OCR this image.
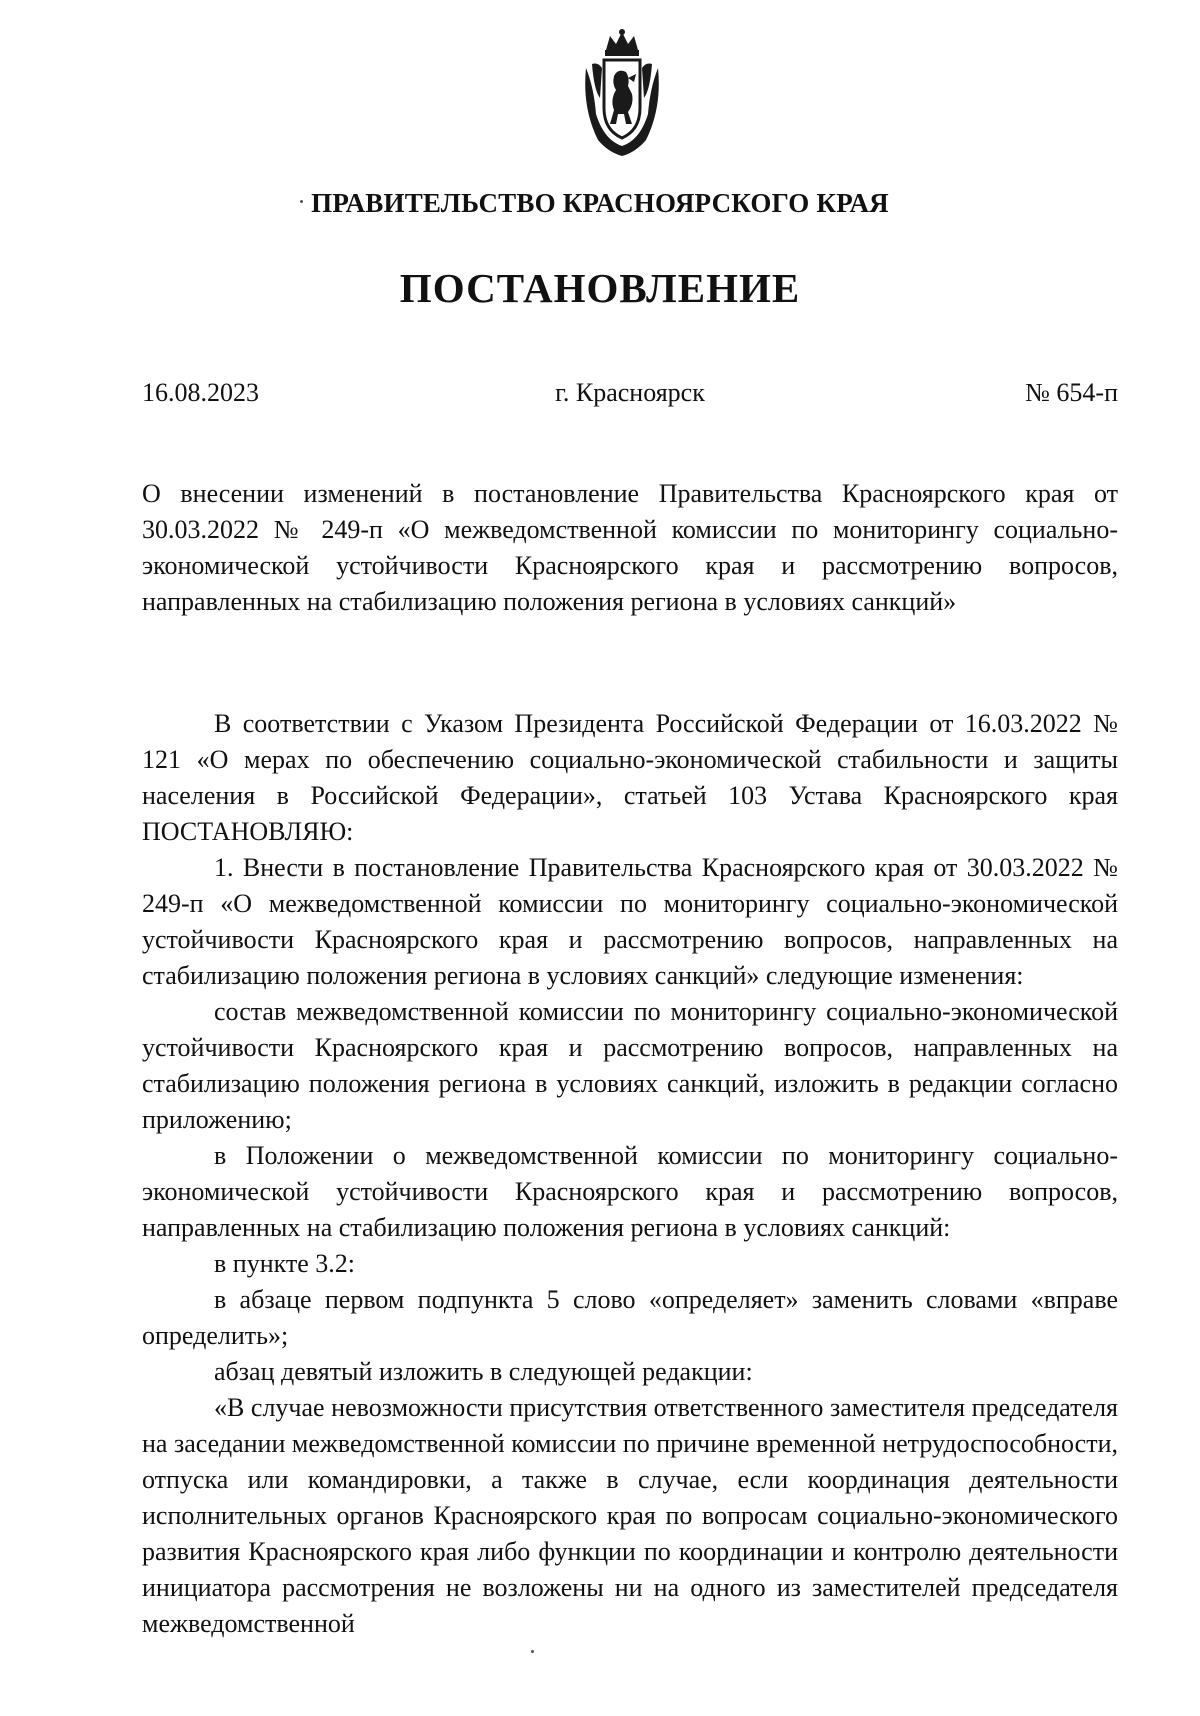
ПРАВИТЕЛЬСТВО КРАСНОЯРСКОГО КРАЯ
ПОСТАНОВЛЕНИЕ
16.08.2023	г. Красноярск	№ 654-п
О внесении изменений в постановление Правительства Красноярского края от 30.03.2022 № 249-п «О межведомственной комиссии по мониторингу социально-экономической устойчивости Красноярского края и рассмотрению вопросов, направленных на стабилизацию положения региона в условиях санкций»

В соответствии с Указом Президента Российской Федерации от 16.03.2022 № 121 «О мерах по обеспечению социально-экономической стабильности и защиты населения в Российской Федерации», статьей 103 Устава Красноярского края ПОСТАНОВЛЯЮ:

1. Внести в постановление Правительства Красноярского края от 30.03.2022 № 249-п «О межведомственной комиссии по мониторингу социально-экономической устойчивости Красноярского края и рассмотрению вопросов, направленных на стабилизацию положения региона в условиях санкций» следующие изменения:

состав межведомственной комиссии по мониторингу социально-экономической устойчивости Красноярского края и рассмотрению вопросов, направленных на стабилизацию положения региона в условиях санкций, изложить в редакции согласно приложению;

в Положении о межведомственной комиссии по мониторингу социально-экономической устойчивости Красноярского края и рассмотрению вопросов, направленных на стабилизацию положения региона в условиях санкций:

в пункте 3.2:

в абзаце первом подпункта 5 слово «определяет» заменить словами «вправе определить»;

абзац девятый изложить в следующей редакции:

«В случае невозможности присутствия ответственного заместителя председателя на заседании межведомственной комиссии по причине временной нетрудоспособности, отпуска или командировки, а также в случае, если координация деятельности исполнительных органов Красноярского края по вопросам социально-экономического развития Красноярского края либо функции по координации и контролю деятельности инициатора рассмотрения не возложены ни на одного из заместителей председателя межведомственной
